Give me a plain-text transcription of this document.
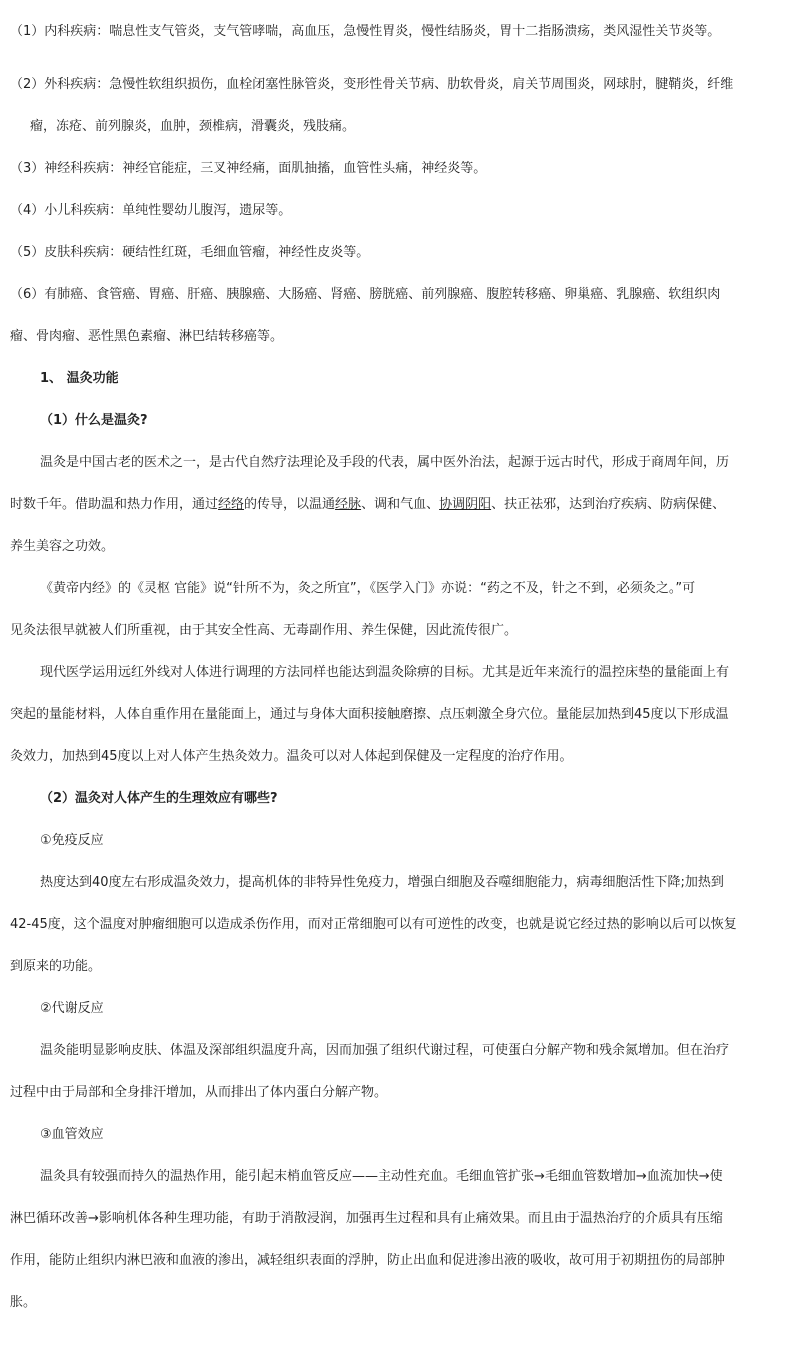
（1）内科疾病：喘息性支气管炎，支气管哮喘，高血压，急慢性胃炎，慢性结肠炎，胃十二指肠溃疡，类风湿性关节炎等。
（2）外科疾病：急慢性软组织损伤，血栓闭塞性脉管炎，变形性骨关节病、肋软骨炎，肩关节周围炎，网球肘，腱鞘炎，纤维
瘤，冻疮、前列腺炎，血肿，颈椎病，滑囊炎，残肢痛。
（3）神经科疾病：神经官能症，三叉神经痛，面肌抽搐，血管性头痛，神经炎等。
（4）小儿科疾病：单纯性婴幼儿腹泻，遗尿等。
（5）皮肤科疾病：硬结性红斑，毛细血管瘤，神经性皮炎等。
（6）有肺癌、食管癌、胃癌、肝癌、胰腺癌、大肠癌、肾癌、膀胱癌、前列腺癌、腹腔转移癌、卵巢癌、乳腺癌、软组织肉
瘤、骨肉瘤、恶性黑色素瘤、淋巴结转移癌等。
1、 温灸功能
（1）什么是温灸?
温灸是中国古老的医术之一，是古代自然疗法理论及手段的代表，属中医外治法，起源于远古时代，形成于商周年间，历
时数千年。借助温和热力作用，通过经络的传导，以温通经脉、调和气血、协调阴阳、扶正祛邪，达到治疗疾病、防病保健、
养生美容之功效。
《黄帝内经》的《灵枢 官能》说“针所不为，灸之所宜”，《医学入门》亦说：“药之不及，针之不到，必须灸之。”可
见灸法很早就被人们所重视，由于其安全性高、无毒副作用、养生保健，因此流传很广。
现代医学运用远红外线对人体进行调理的方法同样也能达到温灸除痹的目标。尤其是近年来流行的温控床垫的量能面上有
突起的量能材料，人体自重作用在量能面上，通过与身体大面积接触磨擦、点压刺激全身穴位。量能层加热到45度以下形成温
灸效力，加热到45度以上对人体产生热灸效力。温灸可以对人体起到保健及一定程度的治疗作用。
（2）温灸对人体产生的生理效应有哪些?
①免疫反应
热度达到40度左右形成温灸效力，提高机体的非特异性免疫力，增强白细胞及吞噬细胞能力，病毒细胞活性下降;加热到
42-45度，这个温度对肿瘤细胞可以造成杀伤作用，而对正常细胞可以有可逆性的改变，也就是说它经过热的影响以后可以恢复
到原来的功能。
②代谢反应
温灸能明显影响皮肤、体温及深部组织温度升高，因而加强了组织代谢过程，可使蛋白分解产物和残余氮增加。但在治疗
过程中由于局部和全身排汗增加，从而排出了体内蛋白分解产物。
③血管效应
温灸具有较强而持久的温热作用，能引起末梢血管反应——主动性充血。毛细血管扩张→毛细血管数增加→血流加快→使
淋巴循环改善→影响机体各种生理功能，有助于消散浸润，加强再生过程和具有止痛效果。而且由于温热治疗的介质具有压缩
作用，能防止组织内淋巴液和血液的渗出，减轻组织表面的浮肿，防止出血和促进渗出液的吸收，故可用于初期扭伤的局部肿
胀。
